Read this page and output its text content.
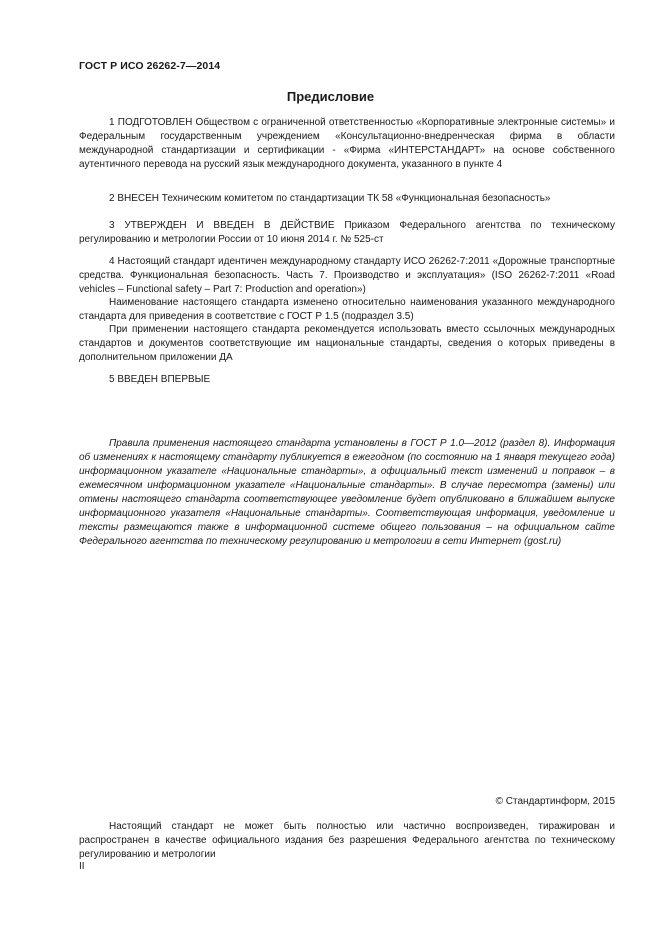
ГОСТ Р ИСО 26262-7—2014
Предисловие

1 ПОДГОТОВЛЕН Обществом с ограниченной ответственностью «Корпоративные электронные системы» и Федеральным государственным учреждением «Консультационно-внедренческая фирма в области международной стандартизации и сертификации - «Фирма «ИНТЕРСТАНДАРТ» на основе собственного аутентичного перевода на русский язык международного документа, указанного в пункте 4

2 ВНЕСЕН Техническим комитетом по стандартизации ТК 58 «Функциональная безопасность»

3 УТВЕРЖДЕН И ВВЕДЕН В ДЕЙСТВИЕ Приказом Федерального агентства по техническому регулированию и метрологии России от 10 июня 2014 г. № 525-ст

4 Настоящий стандарт идентичен международному стандарту ИСО 26262-7:2011 «Дорожные транспортные средства. Функциональная безопасность. Часть 7. Производство и эксплуатация» (ISO 26262-7:2011 «Road vehicles – Functional safety – Part 7: Production and operation»)

Наименование настоящего стандарта изменено относительно наименования указанного международного стандарта для приведения в соответствие с ГОСТ Р 1.5 (подраздел 3.5)

При применении настоящего стандарта рекомендуется использовать вместо ссылочных международных стандартов и документов соответствующие им национальные стандарты, сведения о которых приведены в дополнительном приложении ДА

5 ВВЕДЕН ВПЕРВЫЕ

Правила применения настоящего стандарта установлены в ГОСТ Р 1.0—2012 (раздел 8). Информация об изменениях к настоящему стандарту публикуется в ежегодном (по состоянию на 1 января текущего года) информационном указателе «Национальные стандарты», а официальный текст изменений и поправок – в ежемесячном информационном указателе «Национальные стандарты». В случае пересмотра (замены) или отмены настоящего стандарта соответствующее уведомление будет опубликовано в ближайшем выпуске информационного указателя «Национальные стандарты». Соответствующая информация, уведомление и тексты размещаются также в информационной системе общего пользования – на официальном сайте Федерального агентства по техническому регулированию и метрологии в сети Интернет (gost.ru)

© Стандартинформ, 2015

Настоящий стандарт не может быть полностью или частично воспроизведен, тиражирован и распространен в качестве официального издания без разрешения Федерального агентства по техническому регулированию и метрологии

II
